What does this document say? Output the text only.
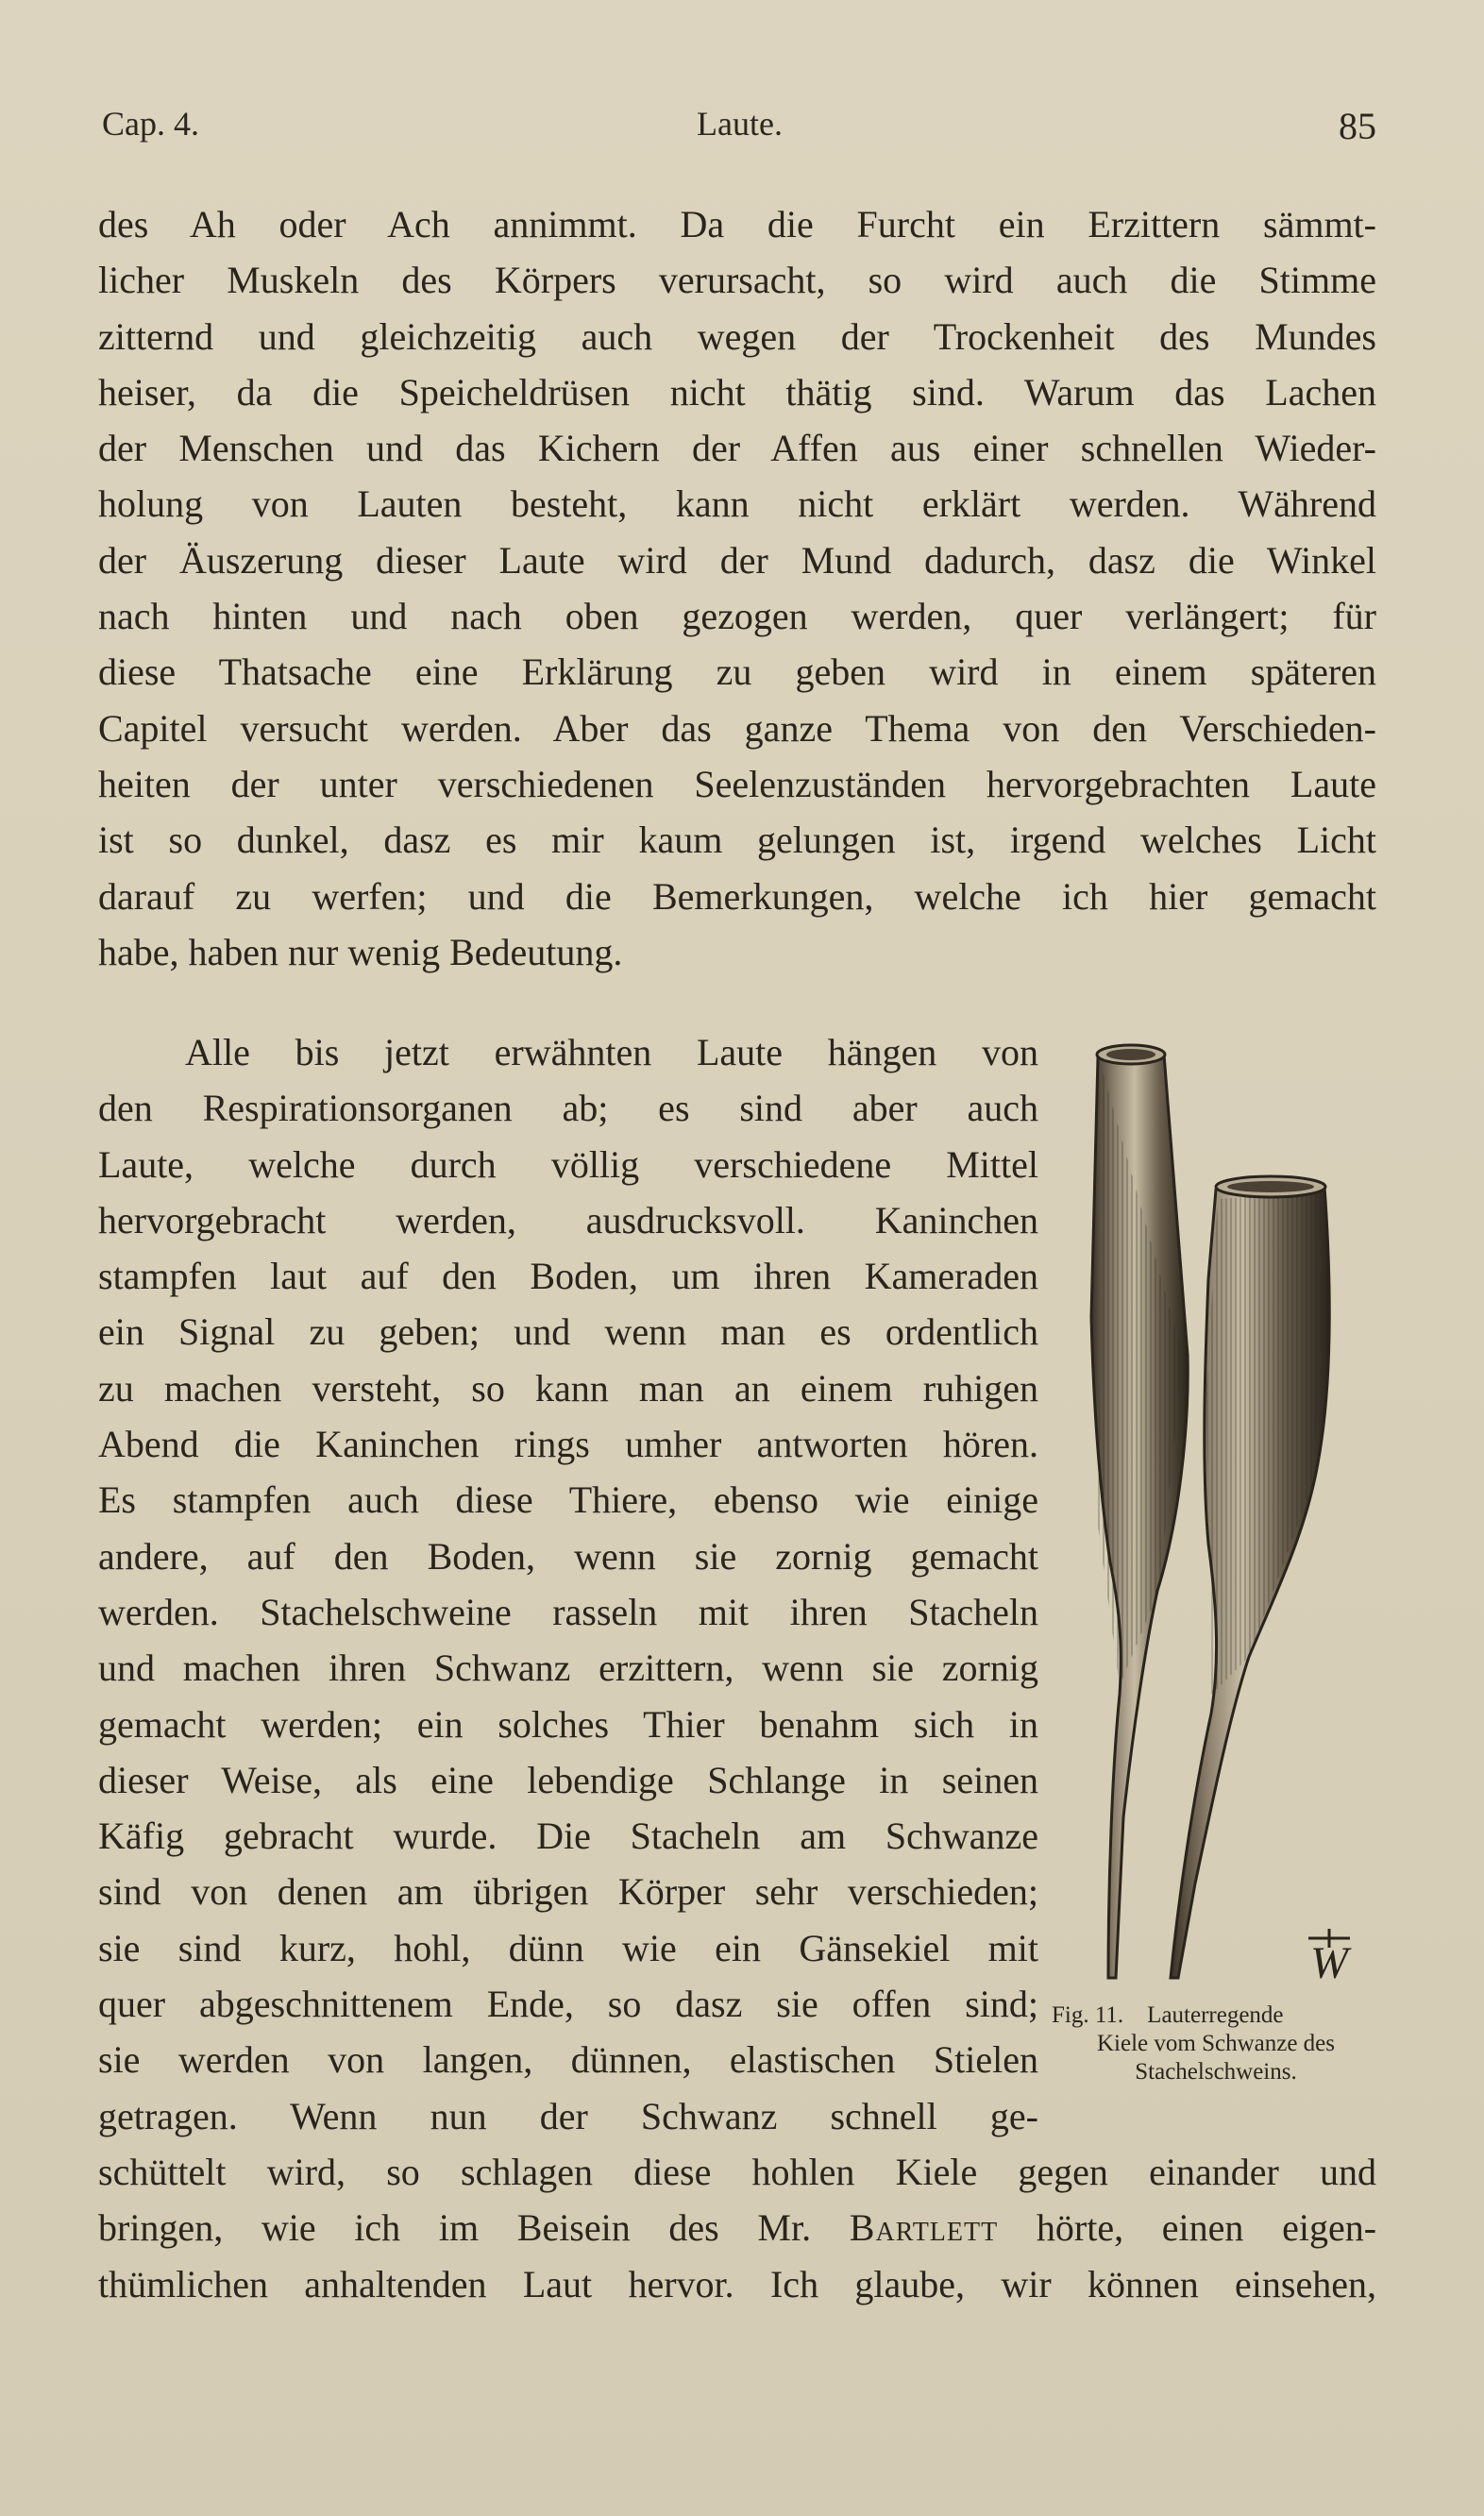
Cap. 4.	Laute.	85
des Ah oder Ach annimmt. Da die Furcht ein Erzittern sämmt-
licher Muskeln des Körpers verursacht, so wird auch die Stimme
zitternd und gleichzeitig auch wegen der Trockenheit des Mundes
heiser, da die Speicheldrüsen nicht thätig sind. Warum das Lachen
der Menschen und das Kichern der Affen aus einer schnellen Wieder-
holung von Lauten besteht, kann nicht erklärt werden. Während
der Äuszerung dieser Laute wird der Mund dadurch, dasz die Winkel
nach hinten und nach oben gezogen werden, quer verlängert; für
diese Thatsache eine Erklärung zu geben wird in einem späteren
Capitel versucht werden. Aber das ganze Thema von den Verschieden-
heiten der unter verschiedenen Seelenzuständen hervorgebrachten Laute
ist so dunkel, dasz es mir kaum gelungen ist, irgend welches Licht
darauf zu werfen; und die Bemerkungen, welche ich hier gemacht
habe, haben nur wenig Bedeutung.
Alle bis jetzt erwähnten Laute hängen von
den Respirationsorganen ab; es sind aber auch
Laute, welche durch völlig verschiedene Mittel
hervorgebracht werden, ausdrucksvoll. Kaninchen
stampfen laut auf den Boden, um ihren Kameraden
ein Signal zu geben; und wenn man es ordentlich
zu machen versteht, so kann man an einem ruhigen
Abend die Kaninchen rings umher antworten hören.
Es stampfen auch diese Thiere, ebenso wie einige
andere, auf den Boden, wenn sie zornig gemacht
werden. Stachelschweine rasseln mit ihren Stacheln
und machen ihren Schwanz erzittern, wenn sie zornig
gemacht werden; ein solches Thier benahm sich in
dieser Weise, als eine lebendige Schlange in seinen
Käfig gebracht wurde. Die Stacheln am Schwanze
sind von denen am übrigen Körper sehr verschieden;
sie sind kurz, hohl, dünn wie ein Gänsekiel mit
quer abgeschnittenem Ende, so dasz sie offen sind;
sie werden von langen, dünnen, elastischen Stielen
getragen. Wenn nun der Schwanz schnell ge-
W
Fig. 11. Lauterregende
Kiele vom Schwanze des
Stachelschweins.
schüttelt wird, so schlagen diese hohlen Kiele gegen einander und
bringen, wie ich im Beisein des Mr. Bartlett hörte, einen eigen-
thümlichen anhaltenden Laut hervor. Ich glaube, wir können einsehen,
